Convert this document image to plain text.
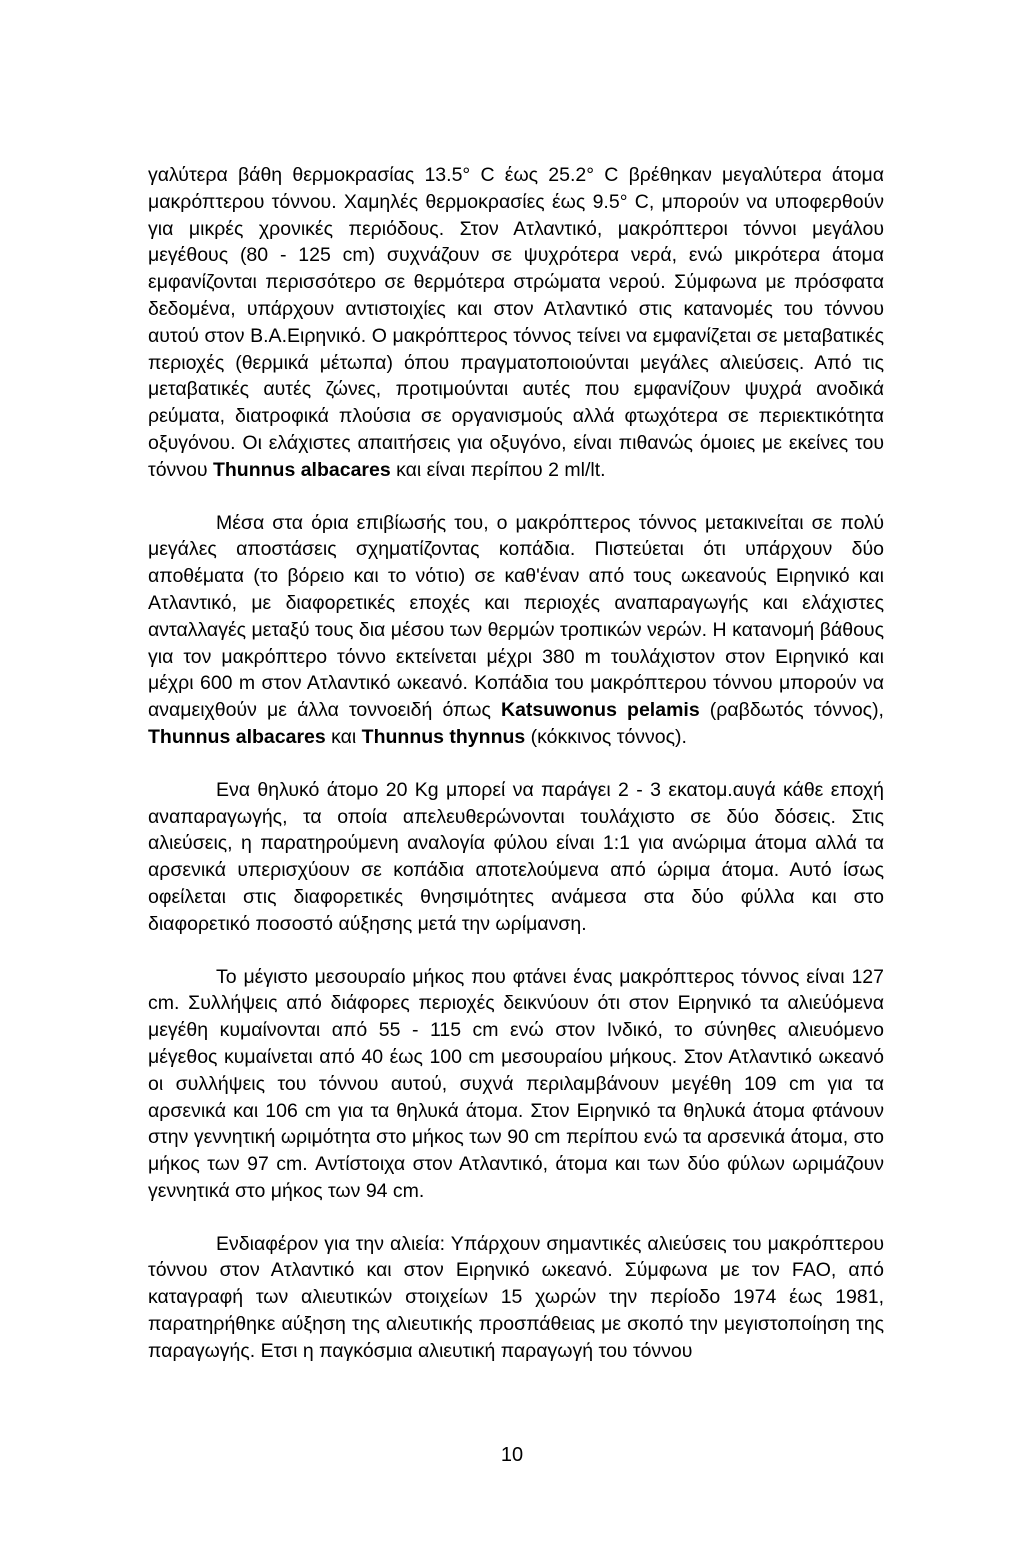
γαλύτερα βάθη θερμοκρασίας 13.5° C έως 25.2° C βρέθηκαν μεγαλύτερα άτομα μακρόπτερου τόννου. Χαμηλές θερμοκρασίες έως 9.5° C, μπορούν να υποφερθούν για μικρές χρονικές περιόδους. Στον Ατλαντικό, μακρόπτεροι τόννοι μεγάλου μεγέθους (80 - 125 cm) συχνάζουν σε ψυχρότερα νερά, ενώ μικρότερα άτομα εμφανίζονται περισσότερο σε θερμότερα στρώματα νερού. Σύμφωνα με πρόσφατα δεδομένα, υπάρχουν αντιστοιχίες και στον Ατλαντικό στις κατανομές του τόννου αυτού στον Β.Α.Ειρηνικό. Ο μακρόπτερος τόννος τείνει να εμφανίζεται σε μεταβατικές περιοχές (θερμικά μέτωπα) όπου πραγματοποιούνται μεγάλες αλιεύσεις. Από τις μεταβατικές αυτές ζώνες, προτιμούνται αυτές που εμφανίζουν ψυχρά ανοδικά ρεύματα, διατροφικά πλούσια σε οργανισμούς αλλά φτωχότερα σε περιεκτικότητα οξυγόνου. Οι ελάχιστες απαιτήσεις για οξυγόνο, είναι πιθανώς όμοιες με εκείνες του τόννου Thunnus albacares και είναι περίπου 2 ml/lt.

Μέσα στα όρια επιβίωσής του, ο μακρόπτερος τόννος μετακινείται σε πολύ μεγάλες αποστάσεις σχηματίζοντας κοπάδια. Πιστεύεται ότι υπάρχουν δύο αποθέματα (το βόρειο και το νότιο) σε καθ'έναν από τους ωκεανούς Ειρηνικό και Ατλαντικό, με διαφορετικές εποχές και περιοχές αναπαραγωγής και ελάχιστες ανταλλαγές μεταξύ τους δια μέσου των θερμών τροπικών νερών. Η κατανομή βάθους για τον μακρόπτερο τόννο εκτείνεται μέχρι 380 m τουλάχιστον στον Ειρηνικό και μέχρι 600 m στον Ατλαντικό ωκεανό. Κοπάδια του μακρόπτερου τόννου μπορούν να αναμειχθούν με άλλα τοννοειδή όπως Katsuwonus pelamis (ραβδωτός τόννος), Thunnus albacares και Thunnus thynnus (κόκκινος τόννος).

Ενα θηλυκό άτομο 20 Kg μπορεί να παράγει 2 - 3 εκατομ.αυγά κάθε εποχή αναπαραγωγής, τα οποία απελευθερώνονται τουλάχιστο σε δύο δόσεις. Στις αλιεύσεις, η παρατηρούμενη αναλογία φύλου είναι 1:1 για ανώριμα άτομα αλλά τα αρσενικά υπερισχύουν σε κοπάδια αποτελούμενα από ώριμα άτομα. Αυτό ίσως οφείλεται στις διαφορετικές θνησιμότητες ανάμεσα στα δύο φύλλα και στο διαφορετικό ποσοστό αύξησης μετά την ωρίμανση.

Το μέγιστο μεσουραίο μήκος που φτάνει ένας μακρόπτερος τόννος είναι 127 cm. Συλλήψεις από διάφορες περιοχές δεικνύουν ότι στον Ειρηνικό τα αλιεύόμενα μεγέθη κυμαίνονται από 55 - 115 cm ενώ στον Ινδικό, το σύνηθες αλιευόμενο μέγεθος κυμαίνεται από 40 έως 100 cm μεσουραίου μήκους. Στον Ατλαντικό ωκεανό οι συλλήψεις του τόννου αυτού, συχνά περιλαμβάνουν μεγέθη 109 cm για τα αρσενικά και 106 cm για τα θηλυκά άτομα. Στον Ειρηνικό τα θηλυκά άτομα φτάνουν στην γεννητική ωριμότητα στο μήκος των 90 cm περίπου ενώ τα αρσενικά άτομα, στο μήκος των 97 cm. Αντίστοιχα στον Ατλαντικό, άτομα και των δύο φύλων ωριμάζουν γεννητικά στο μήκος των 94 cm.

Ενδιαφέρον για την αλιεία: Υπάρχουν σημαντικές αλιεύσεις του μακρόπτερου τόννου στον Ατλαντικό και στον Ειρηνικό ωκεανό. Σύμφωνα με τον FAO, από καταγραφή των αλιευτικών στοιχείων 15 χωρών την περίοδο 1974 έως 1981, παρατηρήθηκε αύξηση της αλιευτικής προσπάθειας με σκοπό την μεγιστοποίηση της παραγωγής. Ετσι η παγκόσμια αλιευτική παραγωγή του τόννου

10
